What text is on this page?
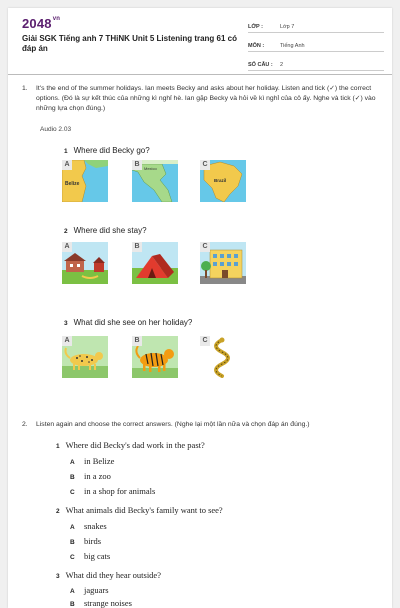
$2048^{vn}$
Giải SGK Tiếng anh 7 THiNK Unit 5 Listening trang 61 có đáp án
LỚP :	Lớp 7
MÔN :	Tiếng Anh
SỐ CÂU :	2
1. It's the end of the summer holidays. Ian meets Becky and asks about her holiday. Listen and tick (✓) the correct options. (Đó là sự kết thúc của những kì nghỉ hè. Ian gặp Becky và hỏi về kì nghỉ của cô ấy. Nghe và tick (✓) vào những lựa chọn đúng.)
Audio 2.03
1 Where did Becky go?
Belize
A
Mexico
B
Brazil
C
2 Where did she stay?
A	B	C
3 What did she see on her holiday?
A	B	C
2. Listen again and choose the correct answers. (Nghe lại một lần nữa và chọn đáp án đúng.)
1 Where did Becky's dad work in the past?
A in Belize
B in a zoo
C in a shop for animals
2 What animals did Becky's family want to see?
A snakes
B birds
C big cats
3 What did they hear outside?
A jaguars
B strange noises
